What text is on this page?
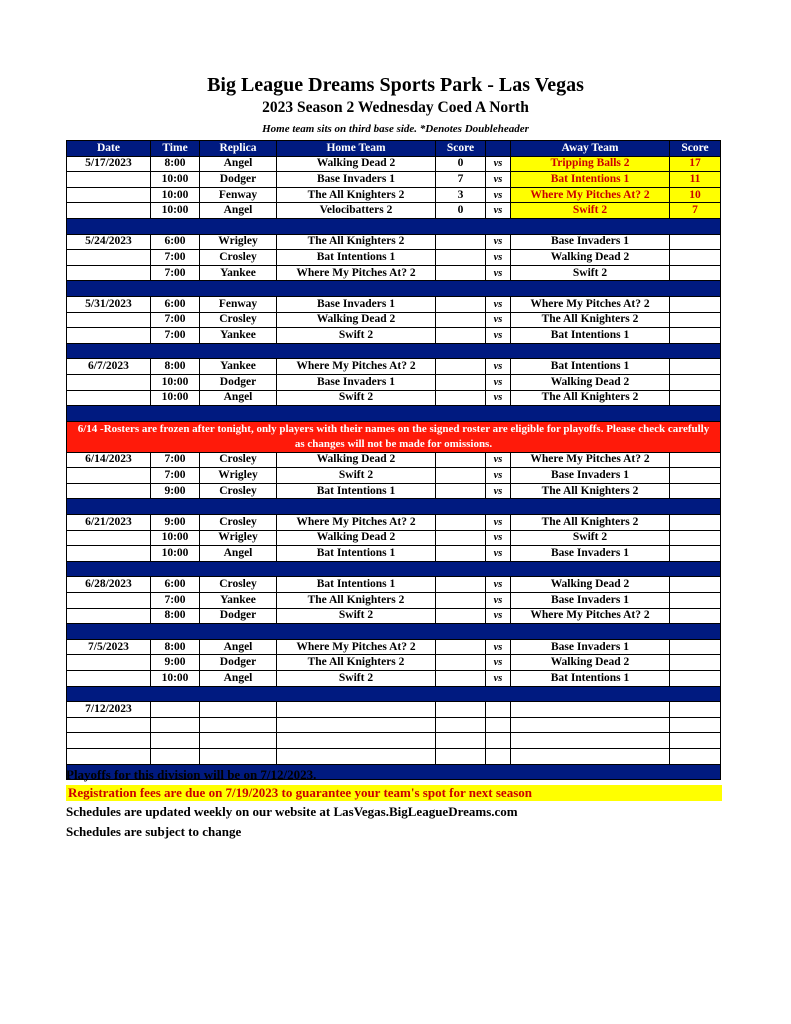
Big League Dreams Sports Park - Las Vegas
2023 Season 2 Wednesday Coed A North
Home team sits on third base side. *Denotes Doubleheader
Date	Time	Replica	Home Team	Score		Away Team	Score
5/17/2023	8:00	Angel	Walking Dead 2	0	vs	Tripping Balls 2	17
	10:00	Dodger	Base Invaders 1	7	vs	Bat Intentions 1	11
	10:00	Fenway	The All Knighters 2	3	vs	Where My Pitches At? 2	10
	10:00	Angel	Velocibatters 2	0	vs	Swift 2	7

5/24/2023	6:00	Wrigley	The All Knighters 2		vs	Base Invaders 1	
	7:00	Crosley	Bat Intentions 1		vs	Walking Dead 2	
	7:00	Yankee	Where My Pitches At? 2		vs	Swift 2	

5/31/2023	6:00	Fenway	Base Invaders 1		vs	Where My Pitches At? 2	
	7:00	Crosley	Walking Dead 2		vs	The All Knighters 2	
	7:00	Yankee	Swift 2		vs	Bat Intentions 1	

6/7/2023	8:00	Yankee	Where My Pitches At? 2		vs	Bat Intentions 1	
	10:00	Dodger	Base Invaders 1		vs	Walking Dead 2	
	10:00	Angel	Swift 2		vs	The All Knighters 2	

6/14 -Rosters are frozen after tonight, only players with their names on the signed roster are eligible for playoffs. Please check carefully as changes will not be made for omissions.							
6/14/2023	7:00	Crosley	Walking Dead 2		vs	Where My Pitches At? 2	
	7:00	Wrigley	Swift 2		vs	Base Invaders 1	
	9:00	Crosley	Bat Intentions 1		vs	The All Knighters 2	

6/21/2023	9:00	Crosley	Where My Pitches At? 2		vs	The All Knighters 2	
	10:00	Wrigley	Walking Dead 2		vs	Swift 2	
	10:00	Angel	Bat Intentions 1		vs	Base Invaders 1	

6/28/2023	6:00	Crosley	Bat Intentions 1		vs	Walking Dead 2	
	7:00	Yankee	The All Knighters 2		vs	Base Invaders 1	
	8:00	Dodger	Swift 2		vs	Where My Pitches At? 2	

7/5/2023	8:00	Angel	Where My Pitches At? 2		vs	Base Invaders 1	
	9:00	Dodger	The All Knighters 2		vs	Walking Dead 2	
	10:00	Angel	Swift 2		vs	Bat Intentions 1	

7/12/2023							

Playoffs for this division will be on 7/12/2023.
Registration fees are due on 7/19/2023 to guarantee your team's spot for next season
Schedules are updated weekly on our website at LasVegas.BigLeagueDreams.com
Schedules are subject to change
